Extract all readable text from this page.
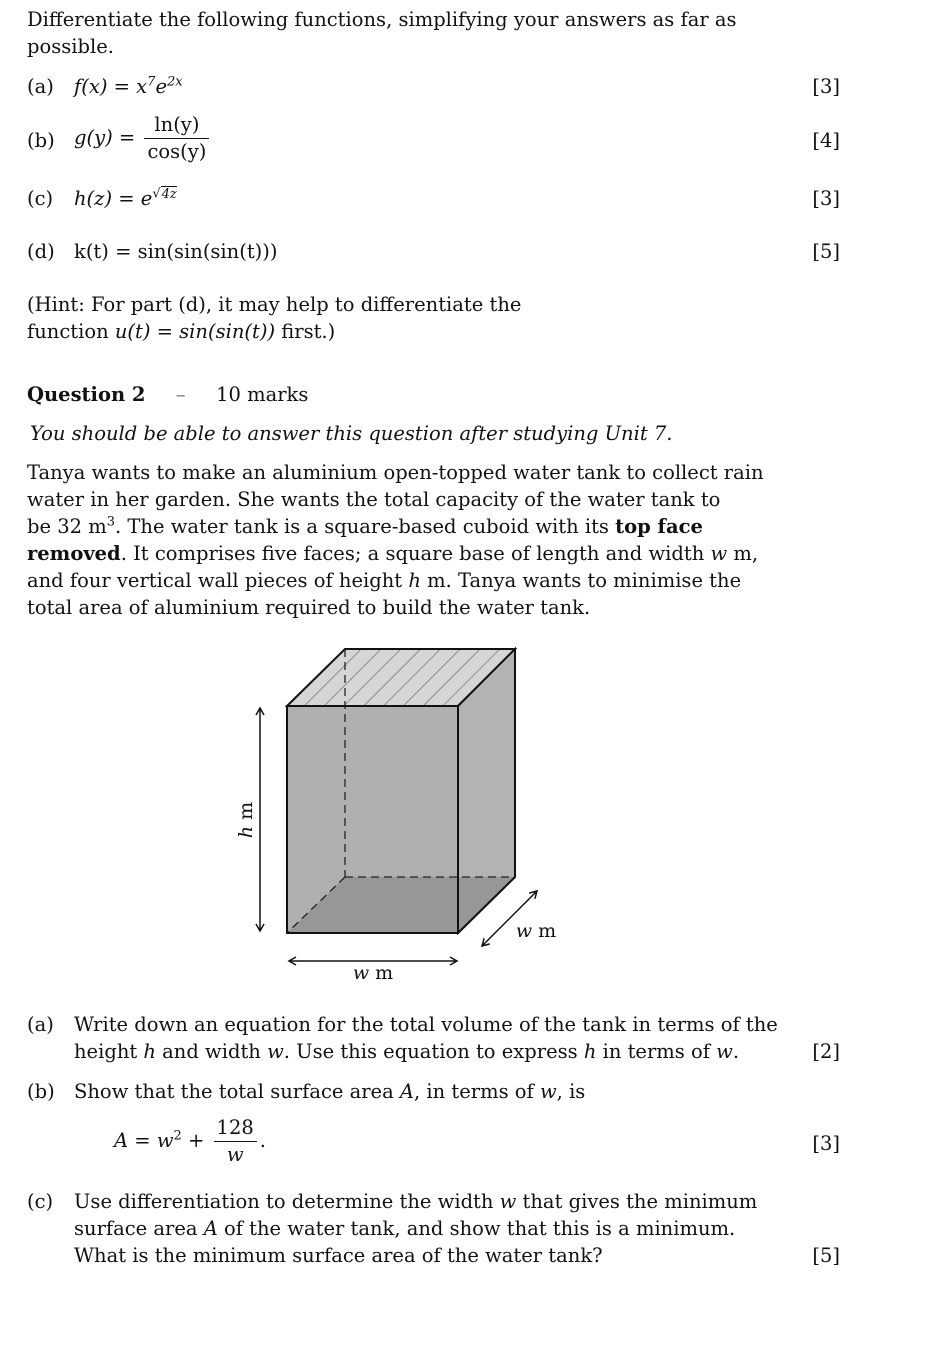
Differentiate the following functions, simplifying your answers as far as
possible.
(a) $f(x) = x^7e^{2x}$	[3]
(b) $g(y) = \frac{\ln(y)}{\cos(y)}$	[4]
(c) $h(z) = e^{√4z}$	[3]
(d) k(t) = sin(sin(sin(t)))	[5]
(Hint: For part (d), it may help to differentiate the
function u(t) = sin(sin(t)) first.)
Question 2 – 10 marks
You should be able to answer this question after studying Unit 7.
Tanya wants to make an aluminium open-topped water tank to collect rain
water in her garden. She wants the total capacity of the water tank to
be 32 $m^3$. The water tank is a square-based cuboid with its top face
removed. It comprises five faces; a square base of length and width w m,
and four vertical wall pieces of height h m. Tanya wants to minimise the
total area of aluminium required to build the water tank.
h m
w m
w m
(a) Write down an equation for the total volume of the tank in terms of the
height h and width w. Use this equation to express h in terms of w.	[2]
(b) Show that the total surface area A, in terms of w, is
$A = w^2 + \frac{128}{w}$ .	[3]
(c) Use differentiation to determine the width w that gives the minimum
surface area A of the water tank, and show that this is a minimum.
What is the minimum surface area of the water tank?	[5]
